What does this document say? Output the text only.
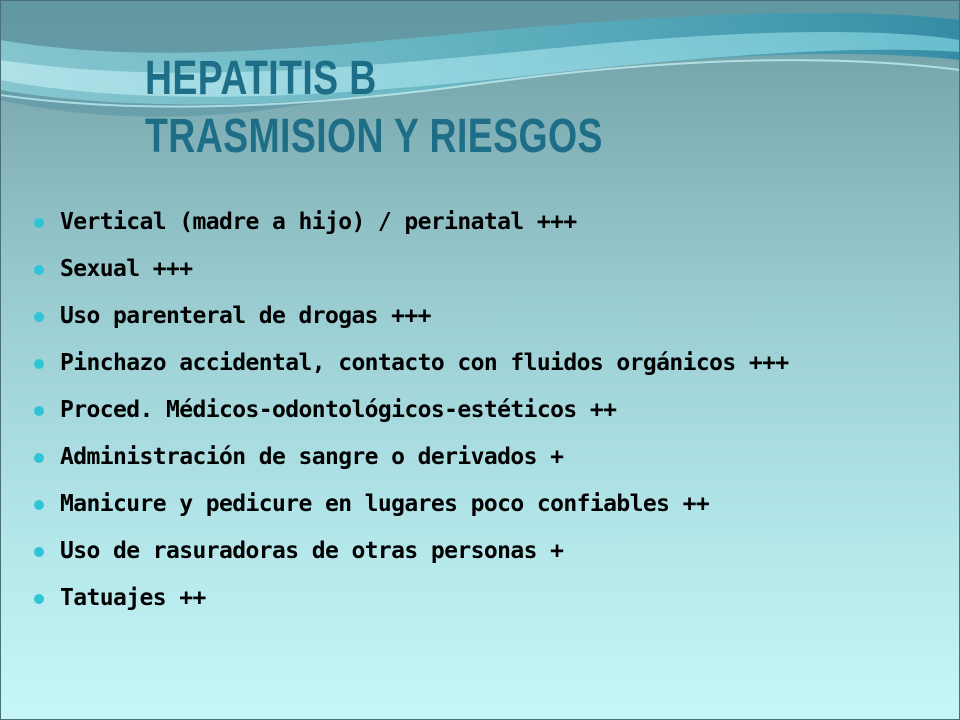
HEPATITIS B
TRASMISION Y RIESGOS
Vertical (madre a hijo) / perinatal +++
Sexual +++
Uso parenteral de drogas +++
Pinchazo accidental, contacto con fluidos orgánicos +++
Proced. Médicos-odontológicos-estéticos ++
Administración de sangre o derivados +
Manicure y pedicure en lugares poco confiables ++
Uso de rasuradoras de otras personas +
Tatuajes ++
